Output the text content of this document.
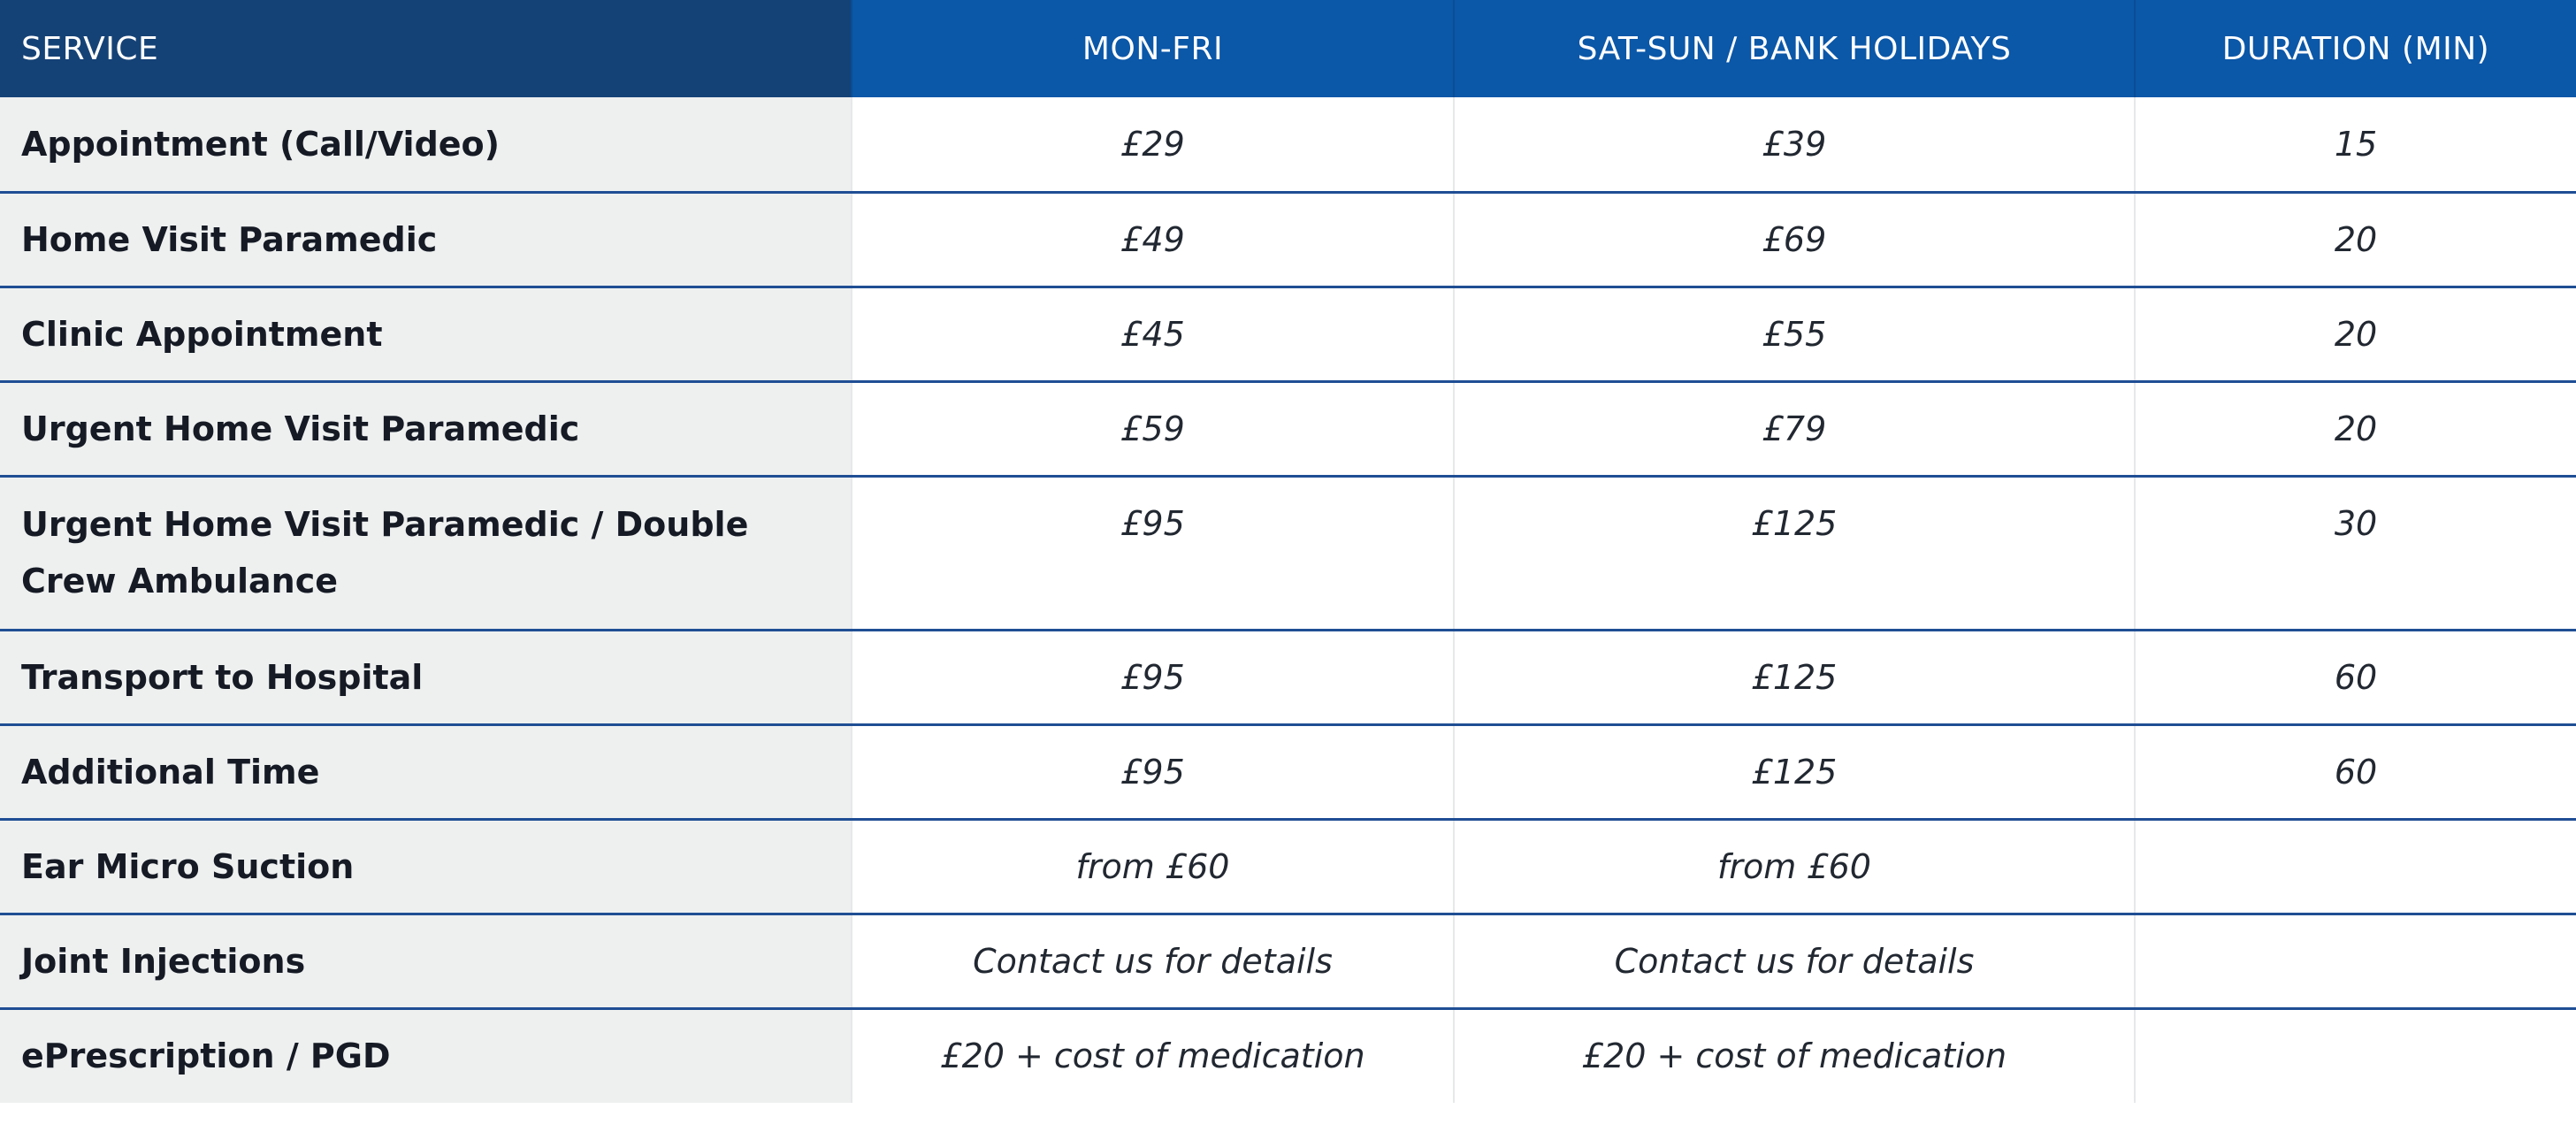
SERVICE	MON-FRI	SAT-SUN / BANK HOLIDAYS	DURATION (MIN)
Appointment (Call/Video)	£29	£39	15
Home Visit Paramedic	£49	£69	20
Clinic Appointment	£45	£55	20
Urgent Home Visit Paramedic	£59	£79	20
Urgent Home Visit Paramedic / Double Crew Ambulance	£95	£125	30
Transport to Hospital	£95	£125	60
Additional Time	£95	£125	60
Ear Micro Suction	from £60	from £60	
Joint Injections	Contact us for details	Contact us for details	
ePrescription / PGD	£20 + cost of medication	£20 + cost of medication	
